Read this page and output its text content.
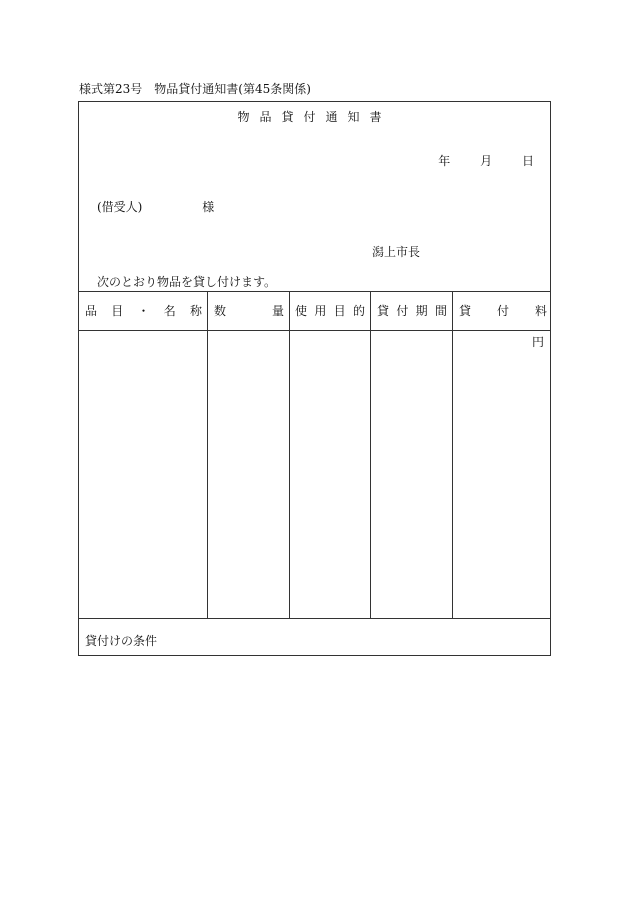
様式第23号　物品貸付通知書(第45条関係)
物品貸付通知書
年 月 日
(借受人)	様
潟上市長
次のとおり物品を貸し付けます。
品 目 ・ 名 称 数	量 使 用 目 的 貸 付 期 間 貸 付 料
円
貸付けの条件
